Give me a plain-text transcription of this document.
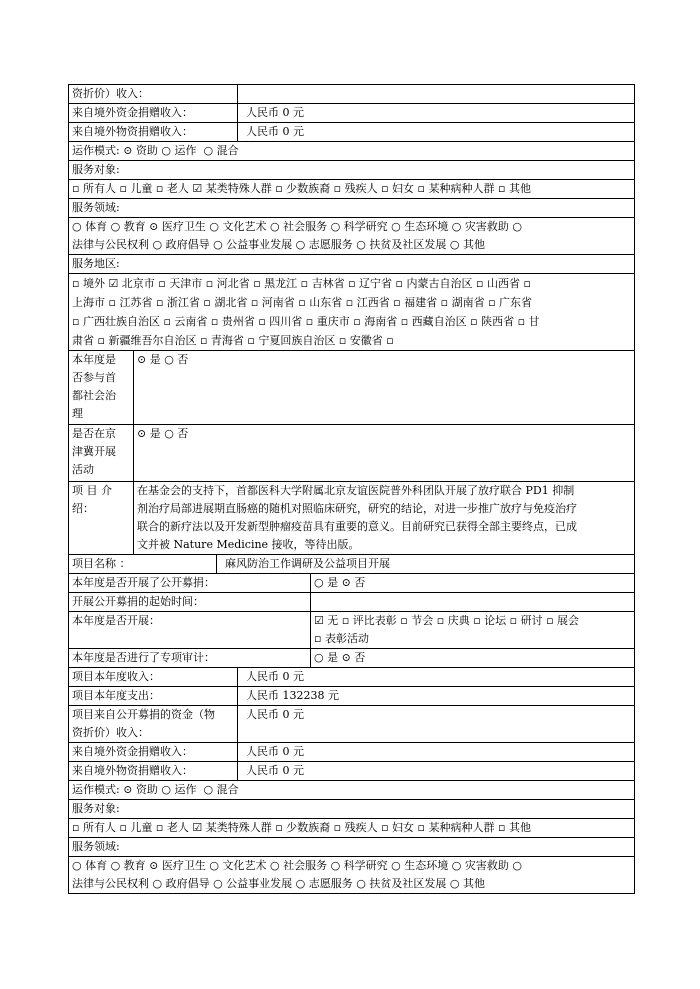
资折价）收入：
来自境外资金捐赠收入：	人民币 0 元
来自境外物资捐赠收入：	人民币 0 元
运作模式: ⊙ 资助 ○ 运作  ○ 混合
服务对象:
▫ 所有人 ▫ 儿童 ▫ 老人 ☑ 某类特殊人群 ▫ 少数族裔 ▫ 残疾人 ▫ 妇女 ▫ 某种病种人群 ▫ 其他
服务领域:
○ 体育 ○ 教育 ⊙ 医疗卫生 ○ 文化艺术 ○ 社会服务 ○ 科学研究 ○ 生态环境 ○ 灾害救助 ○
法律与公民权利 ○ 政府倡导 ○ 公益事业发展 ○ 志愿服务 ○ 扶贫及社区发展 ○ 其他
服务地区:
▫ 境外 ☑ 北京市 ▫ 天津市 ▫ 河北省 ▫ 黑龙江 ▫ 吉林省 ▫ 辽宁省 ▫ 内蒙古自治区 ▫ 山西省 ▫
上海市 ▫ 江苏省 ▫ 浙江省 ▫ 湖北省 ▫ 河南省 ▫ 山东省 ▫ 江西省 ▫ 福建省 ▫ 湖南省 ▫ 广东省
▫ 广西壮族自治区 ▫ 云南省 ▫ 贵州省 ▫ 四川省 ▫ 重庆市 ▫ 海南省 ▫ 西藏自治区 ▫ 陕西省 ▫ 甘
肃省 ▫ 新疆维吾尔自治区 ▫ 青海省 ▫ 宁夏回族自治区 ▫ 安徽省 ▫
本年度是
否参与首
都社会治
理
⊙ 是 ○ 否
是否在京
津冀开展
活动
⊙ 是 ○ 否
项 目 介
绍：
在基金会的支持下，首都医科大学附属北京友谊医院普外科团队开展了放疗联合 PD1 抑制
剂治疗局部进展期直肠癌的随机对照临床研究，研究的结论，对进一步推广放疗与免疫治疗
联合的新疗法以及开发新型肿瘤疫苗具有重要的意义。目前研究已获得全部主要终点，已成
文并被 Nature Medicine 接收，等待出版。
项目名称 ：	麻风防治工作调研及公益项目开展
本年度是否开展了公开募捐：	○ 是 ⊙ 否
开展公开募捐的起始时间：
本年度是否开展：	☑ 无 ▫ 评比表彰 ▫ 节会 ▫ 庆典 ▫ 论坛 ▫ 研讨 ▫ 展会
▫ 表彰活动
本年度是否进行了专项审计：	○ 是 ⊙ 否
项目本年度收入：	人民币 0 元
项目本年度支出：	人民币 132238 元
项目来自公开募捐的资金（物
资折价）收入：
人民币 0 元
来自境外资金捐赠收入：	人民币 0 元
来自境外物资捐赠收入：	人民币 0 元
运作模式: ⊙ 资助 ○ 运作  ○ 混合
服务对象:
▫ 所有人 ▫ 儿童 ▫ 老人 ☑ 某类特殊人群 ▫ 少数族裔 ▫ 残疾人 ▫ 妇女 ▫ 某种病种人群 ▫ 其他
服务领域:
○ 体育 ○ 教育 ⊙ 医疗卫生 ○ 文化艺术 ○ 社会服务 ○ 科学研究 ○ 生态环境 ○ 灾害救助 ○
法律与公民权利 ○ 政府倡导 ○ 公益事业发展 ○ 志愿服务 ○ 扶贫及社区发展 ○ 其他
